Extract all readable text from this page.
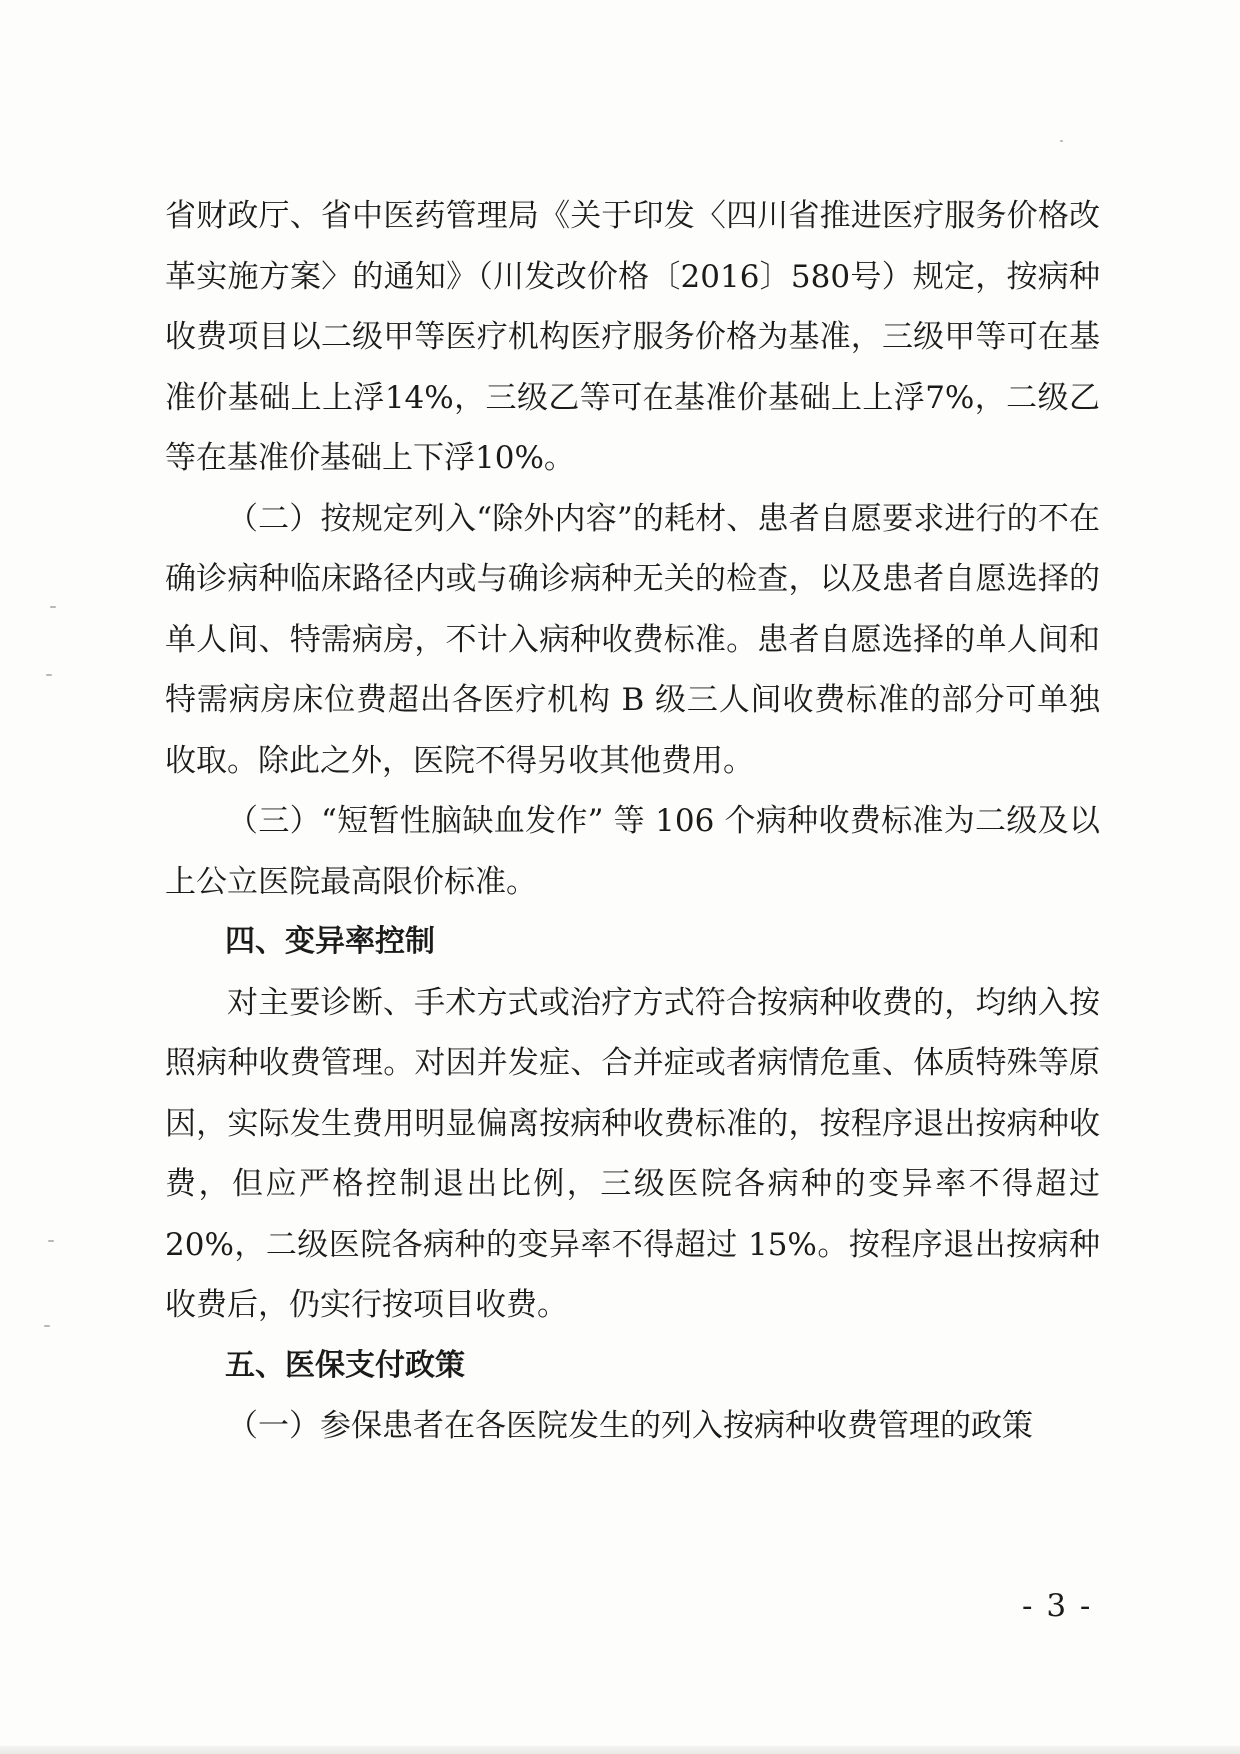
省财政厅、省中医药管理局《关于印发〈四川省推进医疗服务价格改革实施方案〉的通知》（川发改价格〔2016〕580号）规定，按病种收费项目以二级甲等医疗机构医疗服务价格为基准，三级甲等可在基准价基础上上浮14%，三级乙等可在基准价基础上上浮7%，二级乙等在基准价基础上下浮10%。

（二）按规定列入“除外内容”的耗材、患者自愿要求进行的不在确诊病种临床路径内或与确诊病种无关的检查，以及患者自愿选择的单人间、特需病房，不计入病种收费标准。患者自愿选择的单人间和特需病房床位费超出各医疗机构 B 级三人间收费标准的部分可单独收取。除此之外，医院不得另收其他费用。

（三）“短暂性脑缺血发作” 等 106 个病种收费标准为二级及以上公立医院最高限价标准。

四、变异率控制

对主要诊断、手术方式或治疗方式符合按病种收费的，均纳入按照病种收费管理。对因并发症、合并症或者病情危重、体质特殊等原因，实际发生费用明显偏离按病种收费标准的，按程序退出按病种收费，但应严格控制退出比例，三级医院各病种的变异率不得超过 20%，二级医院各病种的变异率不得超过 15%。按程序退出按病种收费后，仍实行按项目收费。

五、医保支付政策

（一）参保患者在各医院发生的列入按病种收费管理的政策

- 3 -
